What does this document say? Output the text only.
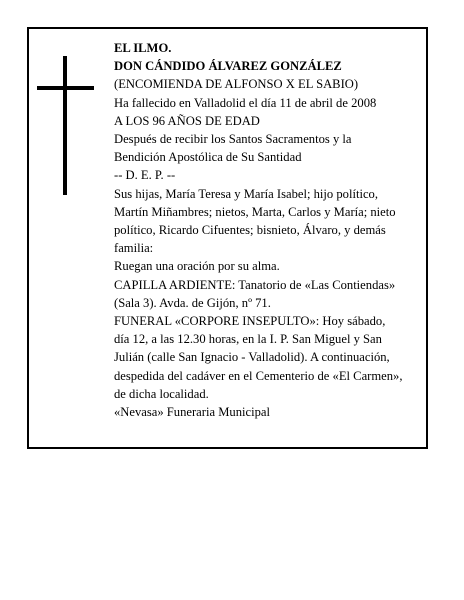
EL ILMO.
DON CÁNDIDO ÁLVAREZ GONZÁLEZ
(ENCOMIENDA DE ALFONSO X EL SABIO)
Ha fallecido en Valladolid el día 11 de abril de 2008
A LOS 96 AÑOS DE EDAD
Después de recibir los Santos Sacramentos y la
Bendición Apostólica de Su Santidad
-- D. E. P. --
Sus hijas, María Teresa y María Isabel; hijo político,
Martín Miñambres; nietos, Marta, Carlos y María; nieto
político, Ricardo Cifuentes; bisnieto, Álvaro, y demás
familia:
Ruegan una oración por su alma.
CAPILLA ARDIENTE: Tanatorio de «Las Contiendas»
(Sala 3). Avda. de Gijón, nº 71.
FUNERAL «CORPORE INSEPULTO»: Hoy sábado,
día 12, a las 12.30 horas, en la I. P. San Miguel y San
Julián (calle San Ignacio - Valladolid). A continuación,
despedida del cadáver en el Cementerio de «El Carmen»,
de dicha localidad.
«Nevasa» Funeraria Municipal
